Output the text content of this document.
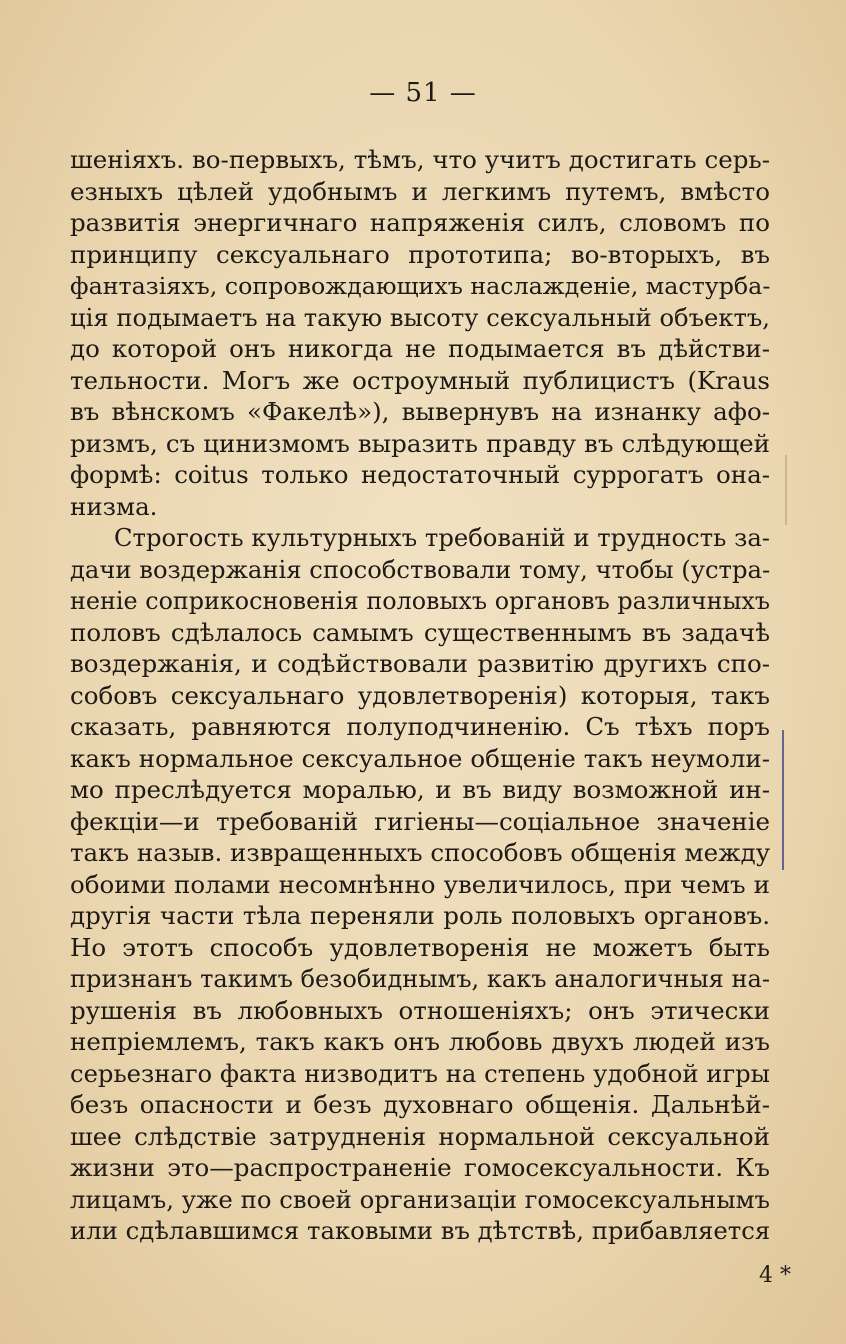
— 51 —
шеніяхъ. во-первыхъ, тѣмъ, что учитъ достигать серь-
езныхъ цѣлей удобнымъ и легкимъ путемъ, вмѣсто
развитія энергичнаго напряженія силъ, словомъ по
принципу сексуальнаго прототипа; во-вторыхъ, въ
фантазіяхъ, сопровождающихъ наслажденіе, мастурба-
ція подымаетъ на такую высоту сексуальный объектъ,
до которой онъ никогда не подымается въ дѣйстви-
тельности. Могъ же остроумный публицистъ (Kraus
въ вѣнскомъ «Факелѣ»), вывернувъ на изнанку афо-
ризмъ, съ цинизмомъ выразить правду въ слѣдующей
формѣ: coitus только недостаточный суррогатъ она-
низма.
Строгость культурныхъ требованій и трудность за-
дачи воздержанія способствовали тому, чтобы (устра-
неніе соприкосновенія половыхъ органовъ различныхъ
половъ сдѣлалось самымъ существеннымъ въ задачѣ
воздержанія, и содѣйствовали развитію другихъ спо-
собовъ сексуальнаго удовлетворенія) которыя, такъ
сказать, равняются полуподчиненію. Съ тѣхъ поръ
какъ нормальное сексуальное общеніе такъ неумоли-
мо преслѣдуется моралью, и въ виду возможной ин-
фекціи—и требованій гигіены—соціальное значеніе
такъ назыв. извращенныхъ способовъ общенія между
обоими полами несомнѣнно увеличилось, при чемъ и
другія части тѣла переняли роль половыхъ органовъ.
Но этотъ способъ удовлетворенія не можетъ быть
признанъ такимъ безобиднымъ, какъ аналогичныя на-
рушенія въ любовныхъ отношеніяхъ; онъ этически
непріемлемъ, такъ какъ онъ любовь двухъ людей изъ
серьезнаго факта низводитъ на степень удобной игры
безъ опасности и безъ духовнаго общенія. Дальнѣй-
шее слѣдствіе затрудненія нормальной сексуальной
жизни это—распространеніе гомосексуальности. Къ
лицамъ, уже по своей организаціи гомосексуальнымъ
или сдѣлавшимся таковыми въ дѣтствѣ, прибавляется
4 *
